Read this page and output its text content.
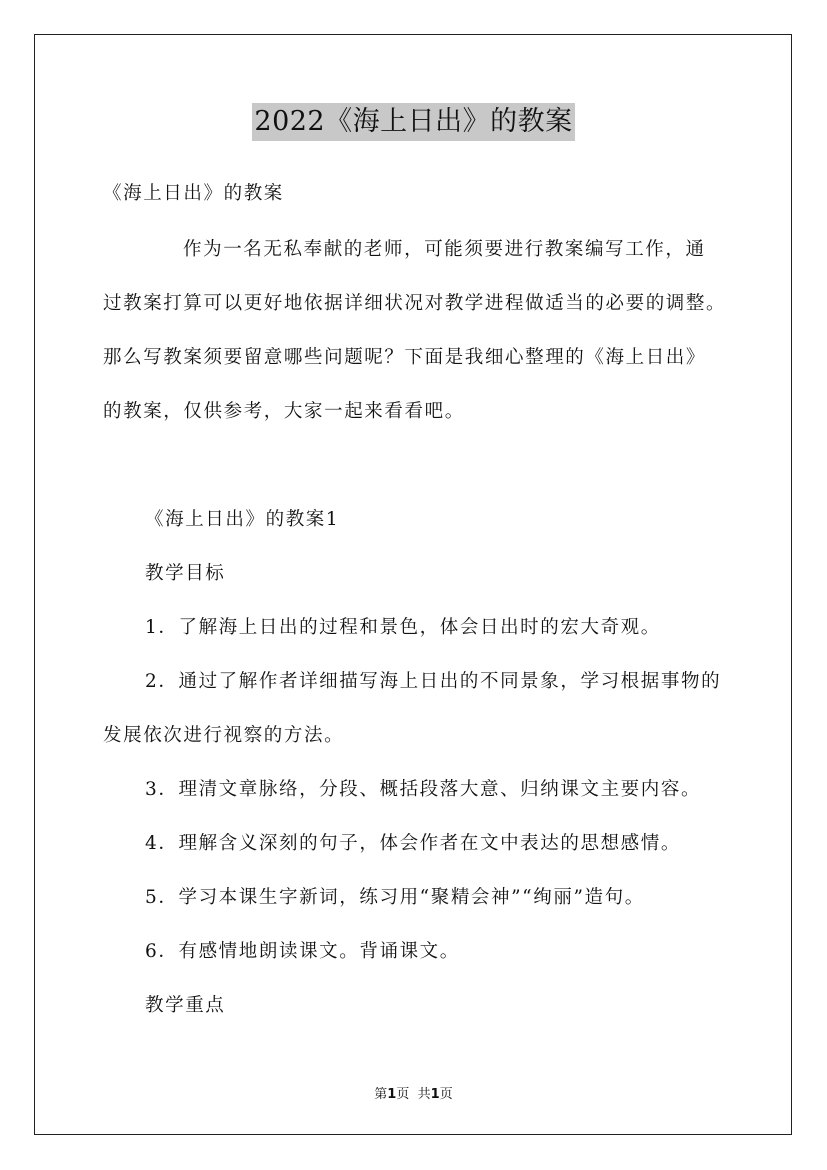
2022《海上日出》的教案
《海上日出》的教案
作为一名无私奉献的老师，可能须要进行教案编写工作，通
过教案打算可以更好地依据详细状况对教学进程做适当的必要的调整。
那么写教案须要留意哪些问题呢？下面是我细心整理的《海上日出》
的教案，仅供参考，大家一起来看看吧。
《海上日出》的教案1
教学目标
1．了解海上日出的过程和景色，体会日出时的宏大奇观。
2．通过了解作者详细描写海上日出的不同景象，学习根据事物的
发展依次进行视察的方法。
3．理清文章脉络，分段、概括段落大意、归纳课文主要内容。
4．理解含义深刻的句子，体会作者在文中表达的思想感情。
5．学习本课生字新词，练习用“聚精会神”“绚丽”造句。
6．有感情地朗读课文。背诵课文。
教学重点
第1页 共1页
